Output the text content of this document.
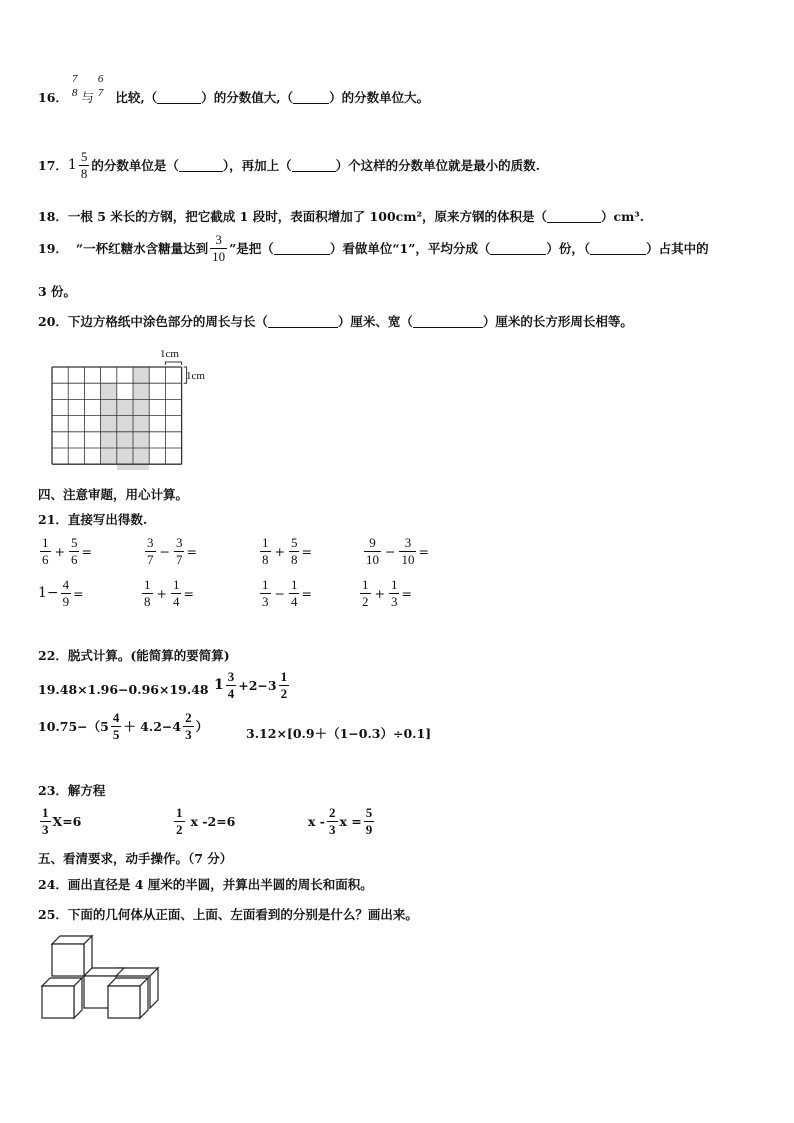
16．
7
8 与
6
7 比较,（	）的分数值大,（	）的分数单位大。
17． $1 \frac{5}{8}$ 的分数单位是（	），再加上（	）个这样的分数单位就是最小的质数.
18．一根 5 米长的方钢，把它截成 1 段时，表面积增加了 100cm²，原来方钢的体积是（	）cm³.
19． “一杯红糖水含糖量达到 $\frac{3}{10}$ ”是把（	）看做单位“1”，平均分成（	）份，（	）占其中的
3 份。
20．下边方格纸中涂色部分的周长与长（	）厘米、宽（	）厘米的长方形周长相等。
1cm
1cm
四、注意审题，用心计算。
21．直接写出得数.
$\frac{1}{6} + \frac{5}{6}$ =	$\frac{3}{7} - \frac{3}{7}$ =	$\frac{1}{8} + \frac{5}{8}$ =	$\frac{9}{10} - \frac{3}{10}$ =
$1- \frac{4}{9}$ =	$\frac{1}{8} + \frac{1}{4}$ =	$\frac{1}{3} - \frac{1}{4}$ =	$\frac{1}{2} + \frac{1}{3}$ =
22．脱式计算。(能简算的要简算)
19.48×1.96−0.96×19.48 $1 \frac{3}{4} +2-3 \frac{1}{2}$
$10.75-(5 \frac{4}{5} + 4.2-4 \frac{2}{3}$ ）	3.12×[0.9＋（1−0.3）÷0.1]
23．解方程
$\frac{1}{3} X=6$	$\frac{1}{2}$ x -2=6	x - $\frac{2}{3}$ $x = \frac{5}{9}$
五、看清要求，动手操作。（7 分）
24．画出直径是 4 厘米的半圆，并算出半圆的周长和面积。
25．下面的几何体从正面、上面、左面看到的分别是什么？画出来。
